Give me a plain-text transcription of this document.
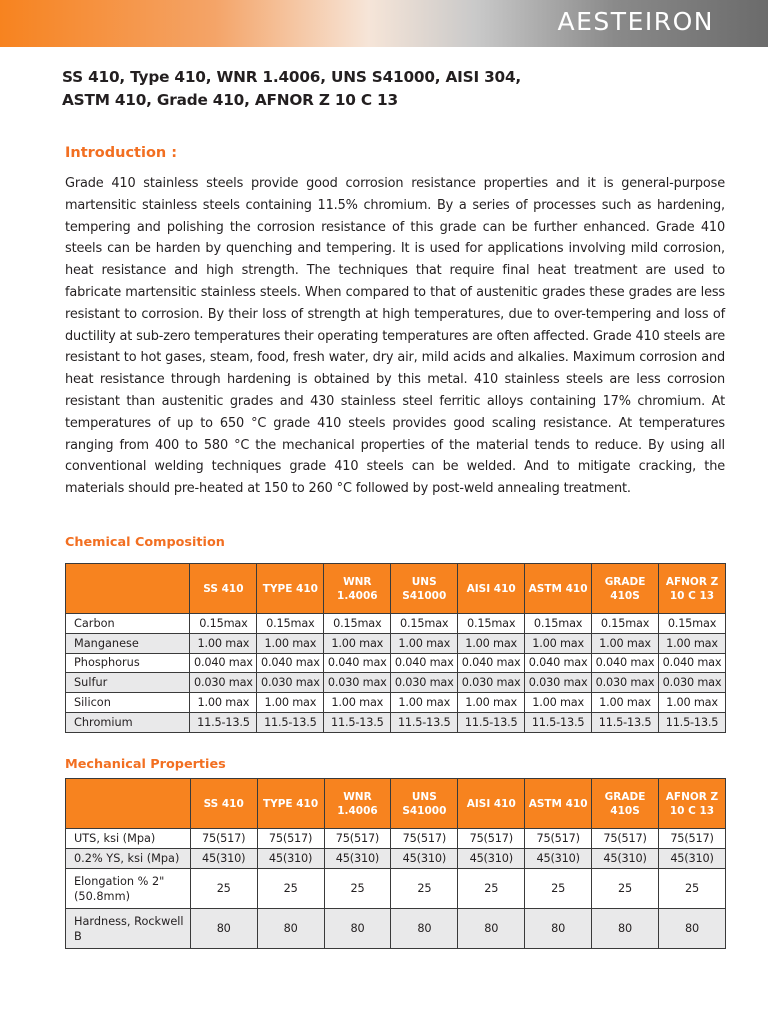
AESTEIRON
SS 410, Type 410, WNR 1.4006, UNS S41000, AISI 304,
ASTM 410, Grade 410, AFNOR Z 10 C 13
Introduction :

Grade 410 stainless steels provide good corrosion resistance properties and it is general-purpose martensitic stainless steels containing 11.5% chromium. By a series of processes such as hardening, tempering and polishing the corrosion resistance of this grade can be further enhanced. Grade 410 steels can be harden by quenching and tempering. It is used for applications involving mild corrosion, heat resistance and high strength. The techniques that require final heat treatment are used to fabricate martensitic stainless steels. When compared to that of austenitic grades these grades are less resistant to corrosion. By their loss of strength at high temperatures, due to over-tempering and loss of ductility at sub-zero temperatures their operating temperatures are often affected. Grade 410 steels are resistant to hot gases, steam, food, fresh water, dry air, mild acids and alkalies. Maximum corrosion and heat resistance through hardening is obtained by this metal. 410 stainless steels are less corrosion resistant than austenitic grades and 430 stainless steel ferritic alloys containing 17% chromium. At temperatures of up to 650 °C grade 410 steels provides good scaling resistance. At temperatures ranging from 400 to 580 °C the mechanical properties of the material tends to reduce. By using all conventional welding techniques grade 410 steels can be welded. And to mitigate cracking, the materials should pre-heated at 150 to 260 °C followed by post-weld annealing treatment.

Chemical Composition
	SS 410	TYPE 410	WNR 1.4006	UNS S41000	AISI 410	ASTM 410	GRADE 410S	AFNOR Z 10 C 13
Carbon	0.15max	0.15max	0.15max	0.15max	0.15max	0.15max	0.15max	0.15max
Manganese	1.00 max	1.00 max	1.00 max	1.00 max	1.00 max	1.00 max	1.00 max	1.00 max
Phosphorus	0.040 max	0.040 max	0.040 max	0.040 max	0.040 max	0.040 max	0.040 max	0.040 max
Sulfur	0.030 max	0.030 max	0.030 max	0.030 max	0.030 max	0.030 max	0.030 max	0.030 max
Silicon	1.00 max	1.00 max	1.00 max	1.00 max	1.00 max	1.00 max	1.00 max	1.00 max
Chromium	11.5-13.5	11.5-13.5	11.5-13.5	11.5-13.5	11.5-13.5	11.5-13.5	11.5-13.5	11.5-13.5
Mechanical Properties
	SS 410	TYPE 410	WNR 1.4006	UNS S41000	AISI 410	ASTM 410	GRADE 410S	AFNOR Z 10 C 13
UTS, ksi (Mpa)	75(517)	75(517)	75(517)	75(517)	75(517)	75(517)	75(517)	75(517)
0.2% YS, ksi (Mpa)	45(310)	45(310)	45(310)	45(310)	45(310)	45(310)	45(310)	45(310)
Elongation % 2" (50.8mm)	25	25	25	25	25	25	25	25
Hardness, Rockwell B	80	80	80	80	80	80	80	80
